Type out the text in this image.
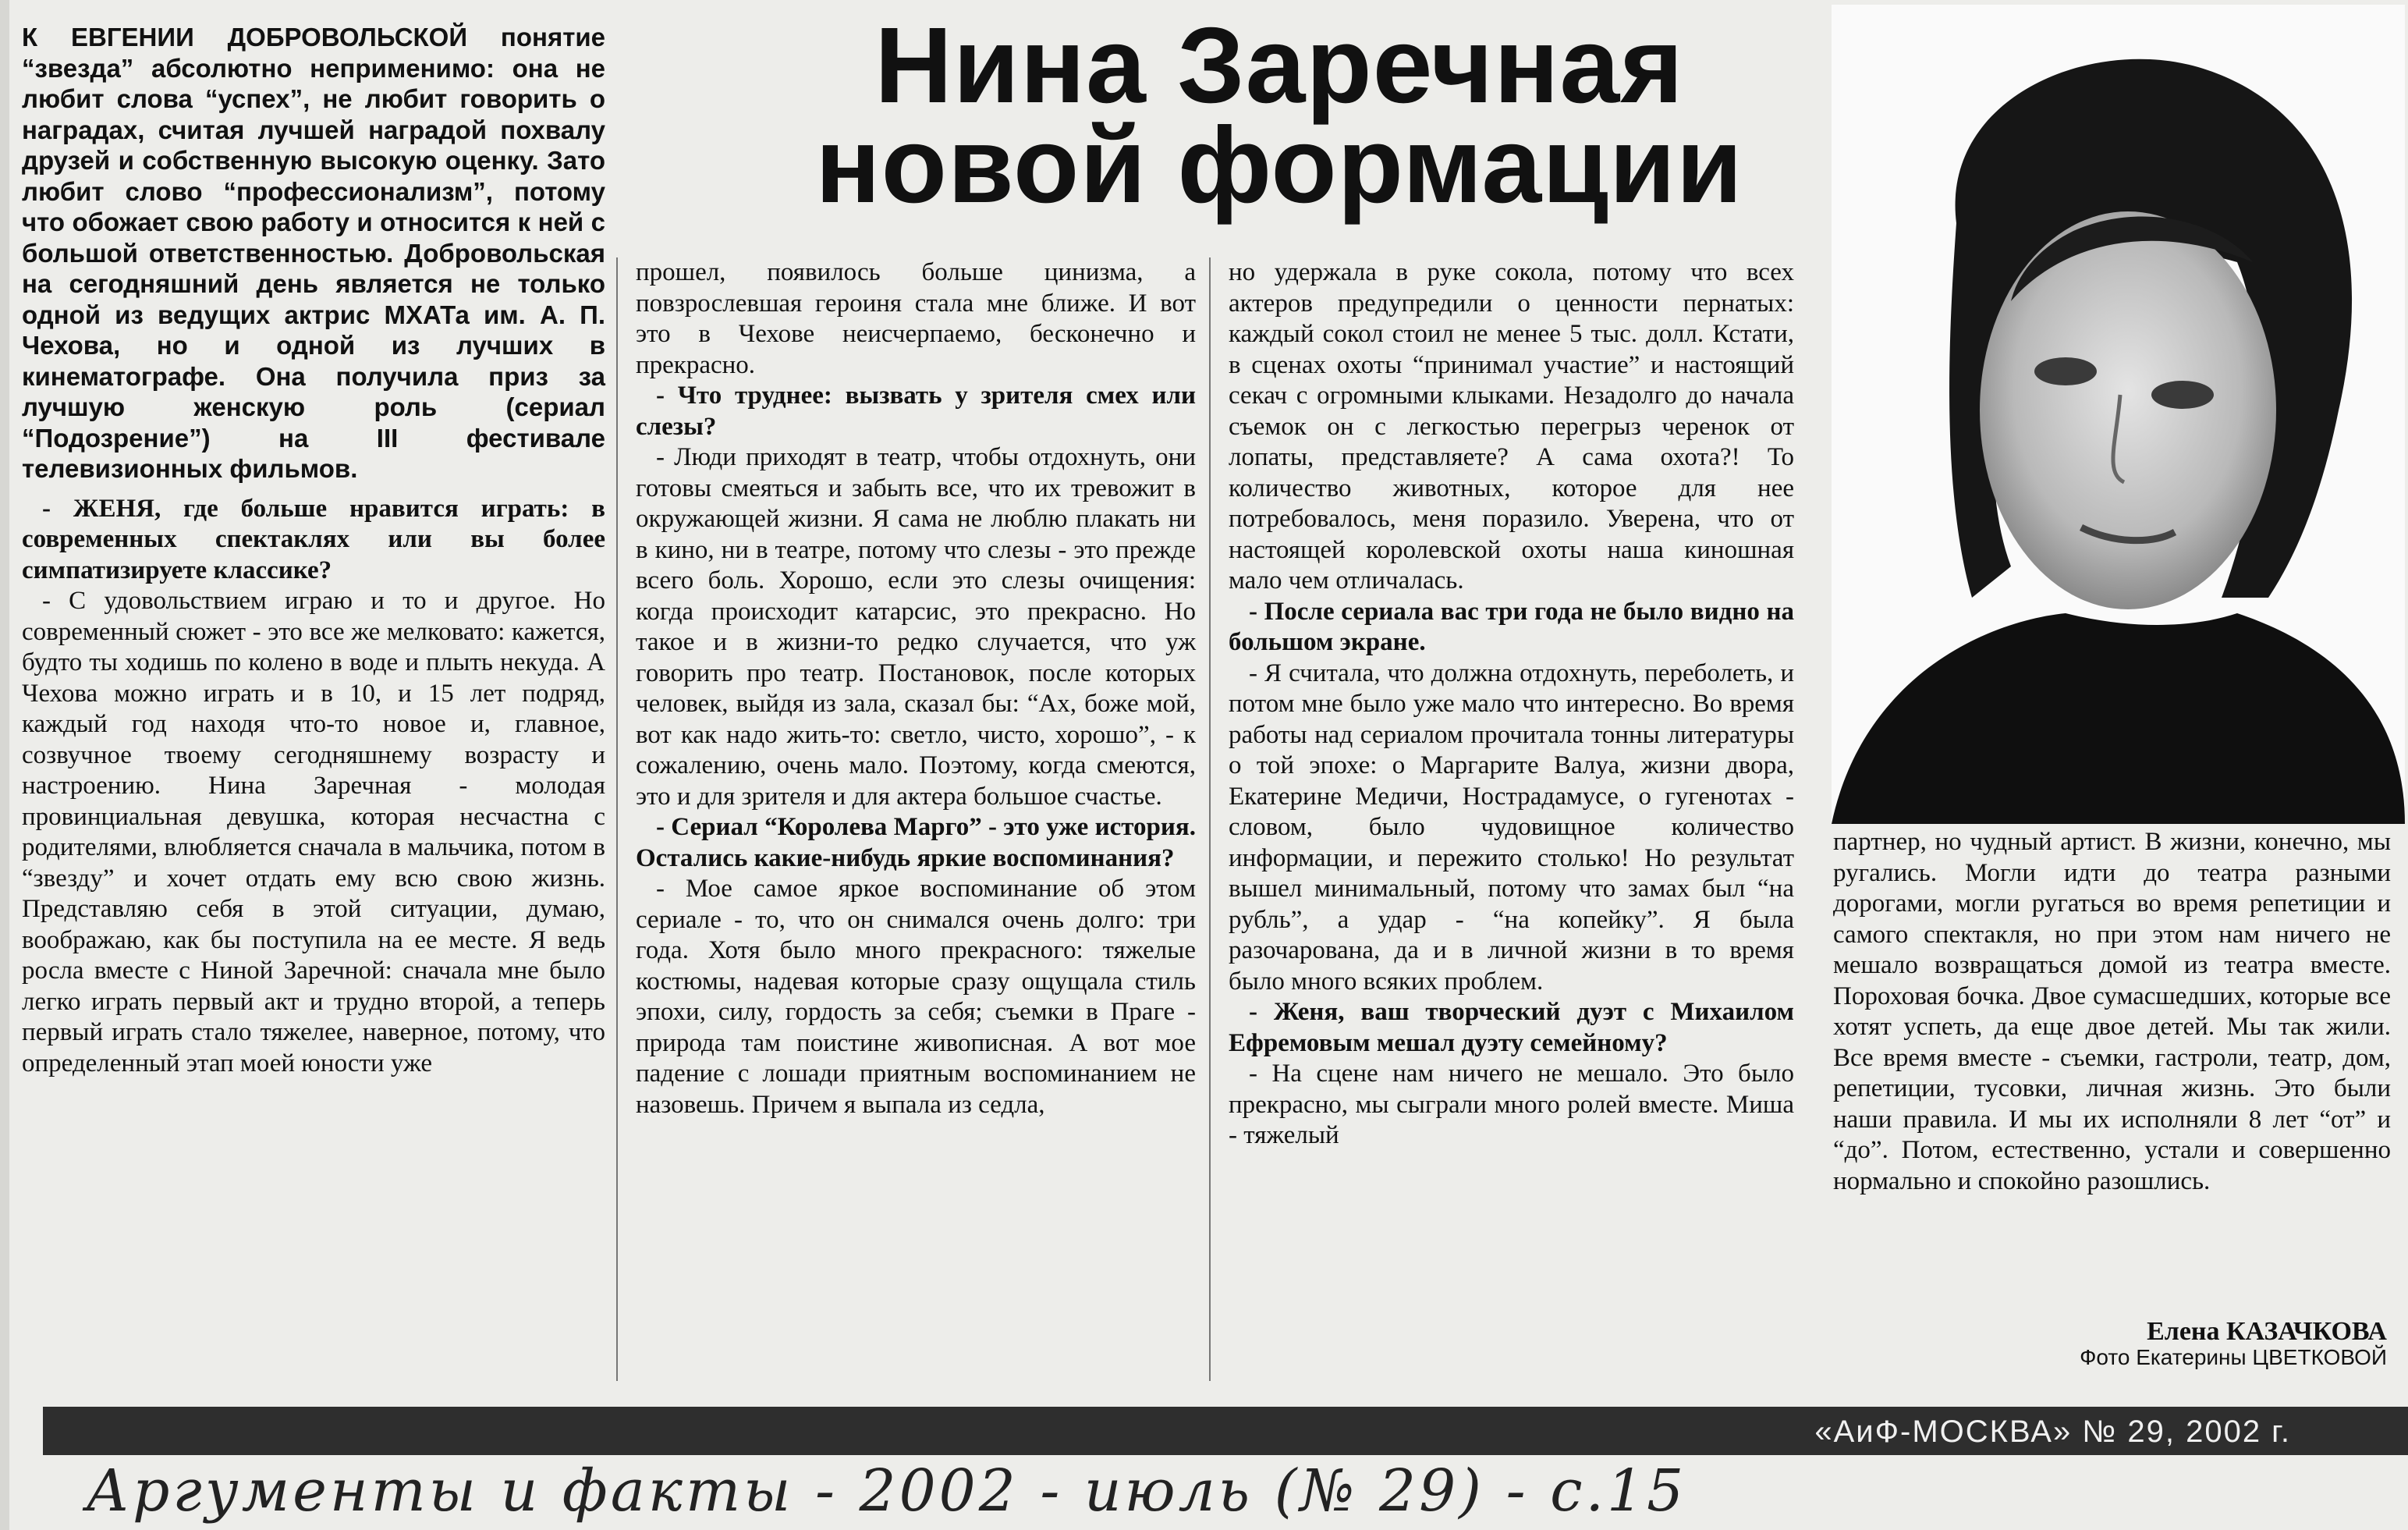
Нина Заречная
новой формации
К ЕВГЕНИИ ДОБРОВОЛЬСКОЙ понятие “звезда” абсолютно неприменимо: она не любит слова “успех”, не любит говорить о наградах, считая лучшей наградой похвалу друзей и собственную высокую оценку. Зато любит слово “профессионализм”, потому что обожает свою работу и относится к ней с большой ответственностью. Добровольская на сегодняшний день является не только одной из ведущих актрис МХАТа им. А. П. Чехова, но и одной из лучших в кинематографе. Она получила приз за лучшую женскую роль (сериал “Подозрение”) на III фестивале телевизионных фильмов.

- ЖЕНЯ, где больше нравится играть: в современных спектаклях или вы более симпатизируете классике?

- С удовольствием играю и то и другое. Но современный сюжет - это все же мелковато: кажется, будто ты ходишь по колено в воде и плыть некуда. А Чехова можно играть и в 10, и 15 лет подряд, каждый год находя что-то новое и, главное, созвучное твоему сегодняшнему возрасту и настроению. Нина Заречная - молодая провинциальная девушка, которая несчастна с родителями, влюбляется сначала в мальчика, потом в “звезду” и хочет отдать ему всю свою жизнь. Представляю себя в этой ситуации, думаю, воображаю, как бы поступила на ее месте. Я ведь росла вместе с Ниной Заречной: сначала мне было легко играть первый акт и трудно второй, а теперь первый играть стало тяжелее, наверное, потому, что определенный этап моей юности уже

прошел, появилось больше цинизма, а повзрослевшая героиня стала мне ближе. И вот это в Чехове неисчерпаемо, бесконечно и прекрасно.

- Что труднее: вызвать у зрителя смех или слезы?

- Люди приходят в театр, чтобы отдохнуть, они готовы смеяться и забыть все, что их тревожит в окружающей жизни. Я сама не люблю плакать ни в кино, ни в театре, потому что слезы - это прежде всего боль. Хорошо, если это слезы очищения: когда происходит катарсис, это прекрасно. Но такое и в жизни-то редко случается, что уж говорить про театр. Постановок, после которых человек, выйдя из зала, сказал бы: “Ах, боже мой, вот как надо жить-то: светло, чисто, хорошо”, - к сожалению, очень мало. Поэтому, когда смеются, это и для зрителя и для актера большое счастье.

- Сериал “Королева Марго” - это уже история. Остались какие-нибудь яркие воспоминания?

- Мое самое яркое воспоминание об этом сериале - то, что он снимался очень долго: три года. Хотя было много прекрасного: тяжелые костюмы, надевая которые сразу ощущала стиль эпохи, силу, гордость за себя; съемки в Праге - природа там поистине живописная. А вот мое падение с лошади приятным воспоминанием не назовешь. Причем я выпала из седла,

но удержала в руке сокола, потому что всех актеров предупредили о ценности пернатых: каждый сокол стоил не менее 5 тыс. долл. Кстати, в сценах охоты “принимал участие” и настоящий секач с огромными клыками. Незадолго до начала съемок он с легкостью перегрыз черенок от лопаты, представляете? А сама охота?! То количество животных, которое для нее потребовалось, меня поразило. Уверена, что от настоящей королевской охоты наша киношная мало чем отличалась.

- После сериала вас три года не было видно на большом экране.

- Я считала, что должна отдохнуть, переболеть, и потом мне было уже мало что интересно. Во время работы над сериалом прочитала тонны литературы о той эпохе: о Маргарите Валуа, жизни двора, Екатерине Медичи, Нострадамусе, о гугенотах - словом, было чудовищное количество информации, и пережито столько! Но результат вышел минимальный, потому что замах был “на рубль”, а удар - “на копейку”. Я была разочарована, да и в личной жизни в то время было много всяких проблем.

- Женя, ваш творческий дуэт с Михаилом Ефремовым мешал дуэту семейному?

- На сцене нам ничего не мешало. Это было прекрасно, мы сыграли много ролей вместе. Миша - тяжелый

партнер, но чудный артист. В жизни, конечно, мы ругались. Могли идти до театра разными дорогами, могли ругаться во время репетиции и самого спектакля, но при этом нам ничего не мешало возвращаться домой из театра вместе. Пороховая бочка. Двое сумасшедших, которые все хотят успеть, да еще двое детей. Мы так жили. Все время вместе - съемки, гастроли, театр, дом, репетиции, тусовки, личная жизнь. Это были наши правила. И мы их исполняли 8 лет “от” и “до”. Потом, естественно, устали и совершенно нормально и спокойно разошлись.

Елена КАЗАЧКОВА
Фото Екатерины ЦВЕТКОВОЙ
«АиФ-МОСКВА» № 29, 2002 г.
Аргументы и факты - 2002 - июль (№ 29) - с.15
